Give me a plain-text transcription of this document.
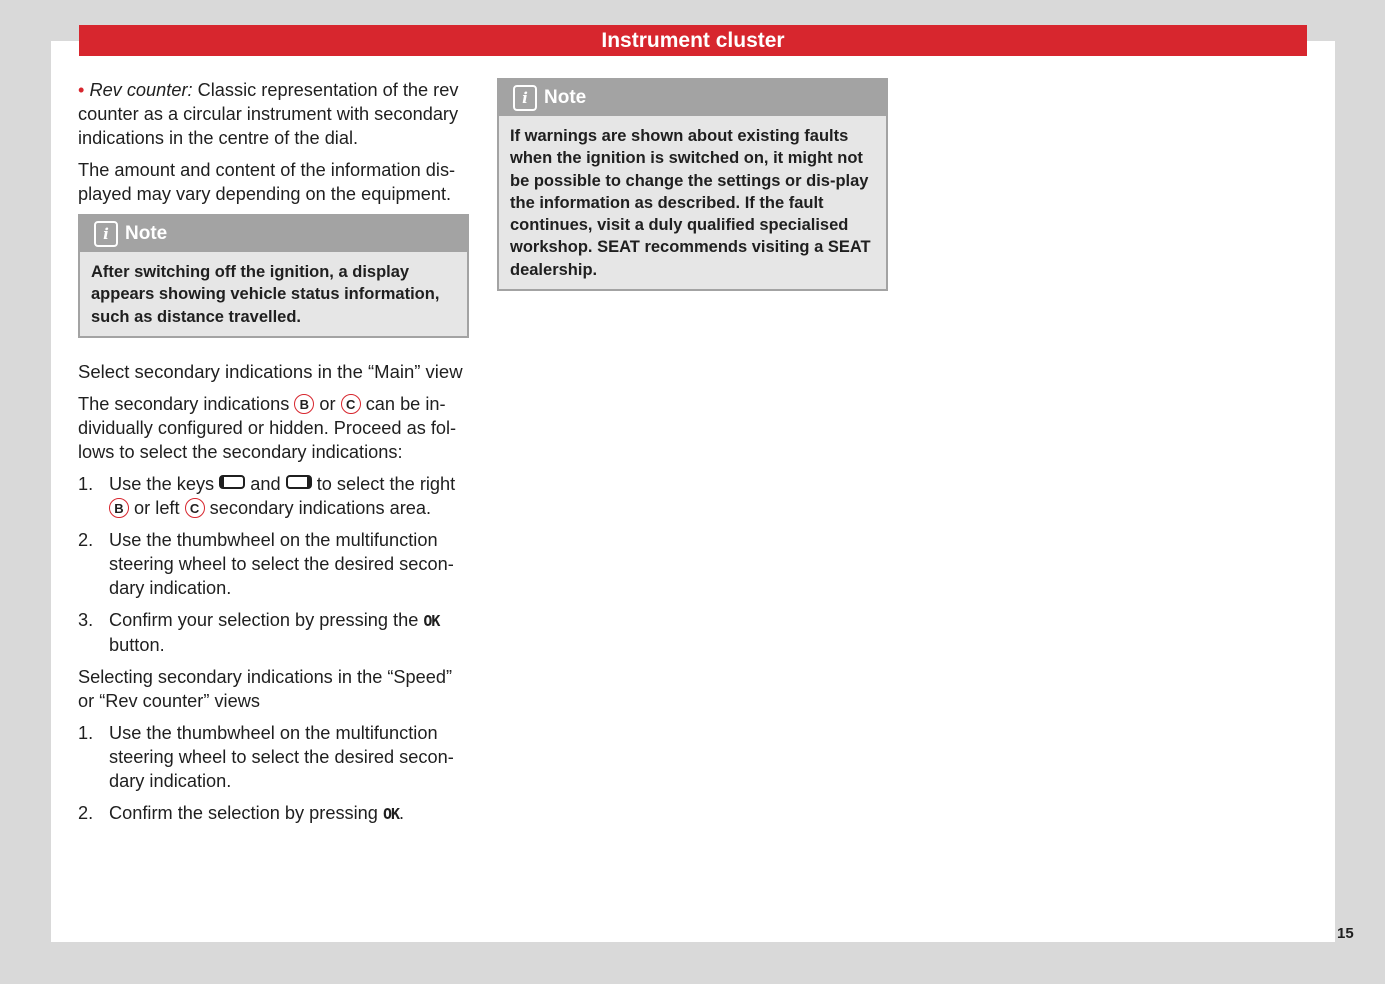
Instrument cluster

• Rev counter: Classic representation of the rev counter as a circular instrument with secondary indications in the centre of the dial.

The amount and content of the information dis-played may vary depending on the equipment.

i Note
After switching off the ignition, a display appears showing vehicle status information, such as distance travelled.

Select secondary indications in the “Main” view

The secondary indications B or C can be in-dividually configured or hidden. Proceed as fol-lows to select the secondary indications:

1. Use the keys  and  to select the right B or left C secondary indications area.
2. Use the thumbwheel on the multifunction steering wheel to select the desired secon-dary indication.
3. Confirm your selection by pressing the OK button.

Selecting secondary indications in the “Speed” or “Rev counter” views

1. Use the thumbwheel on the multifunction steering wheel to select the desired secon-dary indication.
2. Confirm the selection by pressing OK.
i Note
If warnings are shown about existing faults when the ignition is switched on, it might not be possible to change the settings or dis-play the information as described. If the fault continues, visit a duly qualified specialised workshop. SEAT recommends visiting a SEAT dealership.
15
